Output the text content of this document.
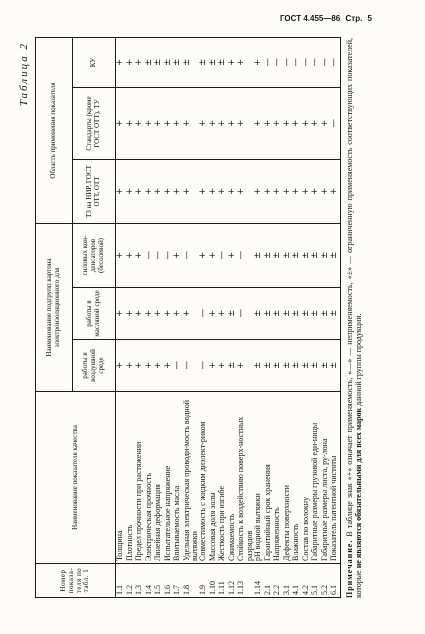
ГОСТ 4.455—86 Стр. 5
Таблица 2
Номер показа-теля по табл. 1	Наименование показателя качества	Наименование подгрупп картона электроизоляционного для			Область применения показателя		
		работы в воздушной среде	работы в масляной среде	силовых кон-денсаторов (бесолевой)	ТЗ на НИР, ГОСТ ОТТ, ОТТ	Стандарты (кроме ГОСТ ОТТ), ТУ	КУ
1.1	Толщина	+	+	+	+	+	+
1.2	Плотность	+	+	+	+	+	+
1.3	Предел прочности при растяжении	+	+	+	+	+	+
1.4	Электрическая прочность	+	+	—	+	+	±
1.5	Линейная деформация	+	+	—	+	+	±
1.6	Испытательное напряжение	+	+	—	+	+	±
1.7	Впитываемость масла	—	+	+	+	+	±
1.8	Удельная электрическая проводи-мость водной вытяжки	—	+	—	+	+	±
1.9	Совместимость с жидким диэлект-риком	—	—	+	+	+	±
1.10	Массовая доля золы	+	+	+	+	+	±
1.11	Жесткость при изгибе	+	+	—	+	+	±
1.12	Сжимаемость	±	±	+	+	+	+
1.13	Стойкость к воздействию поверх-ностных разрядов	+	—	—	+	+	+
1.14	pН водной вытяжки	±	±	±	+	+	+
2.1	Гарантийный срок хранения	±	±	±	+	+	—
2.2	Напряженность	±	±	±	+	+	—
3.1	Дефекты поверхности	±	±	±	+	+	—
4.1	Влажность	±	±	±	+	+	—
4.2	Состав по волокну	±	±	±	+	+	—
5.1	Габаритные размеры грузовой еди-ницы	±	±	±	+	+	—
5.2	Габаритные размеры листа, ру-лона	±	±	±	+	+	—
6.1	Показатель патентной чистоты	±	±	±	+	—	—
Примечание. В таблице знак «+» означает применяемость, «—» — неприменяемость, «±» — ограниченную применяемость соответствующих показателей, которые не являются обязательными для всех марок данной группы продукции.
